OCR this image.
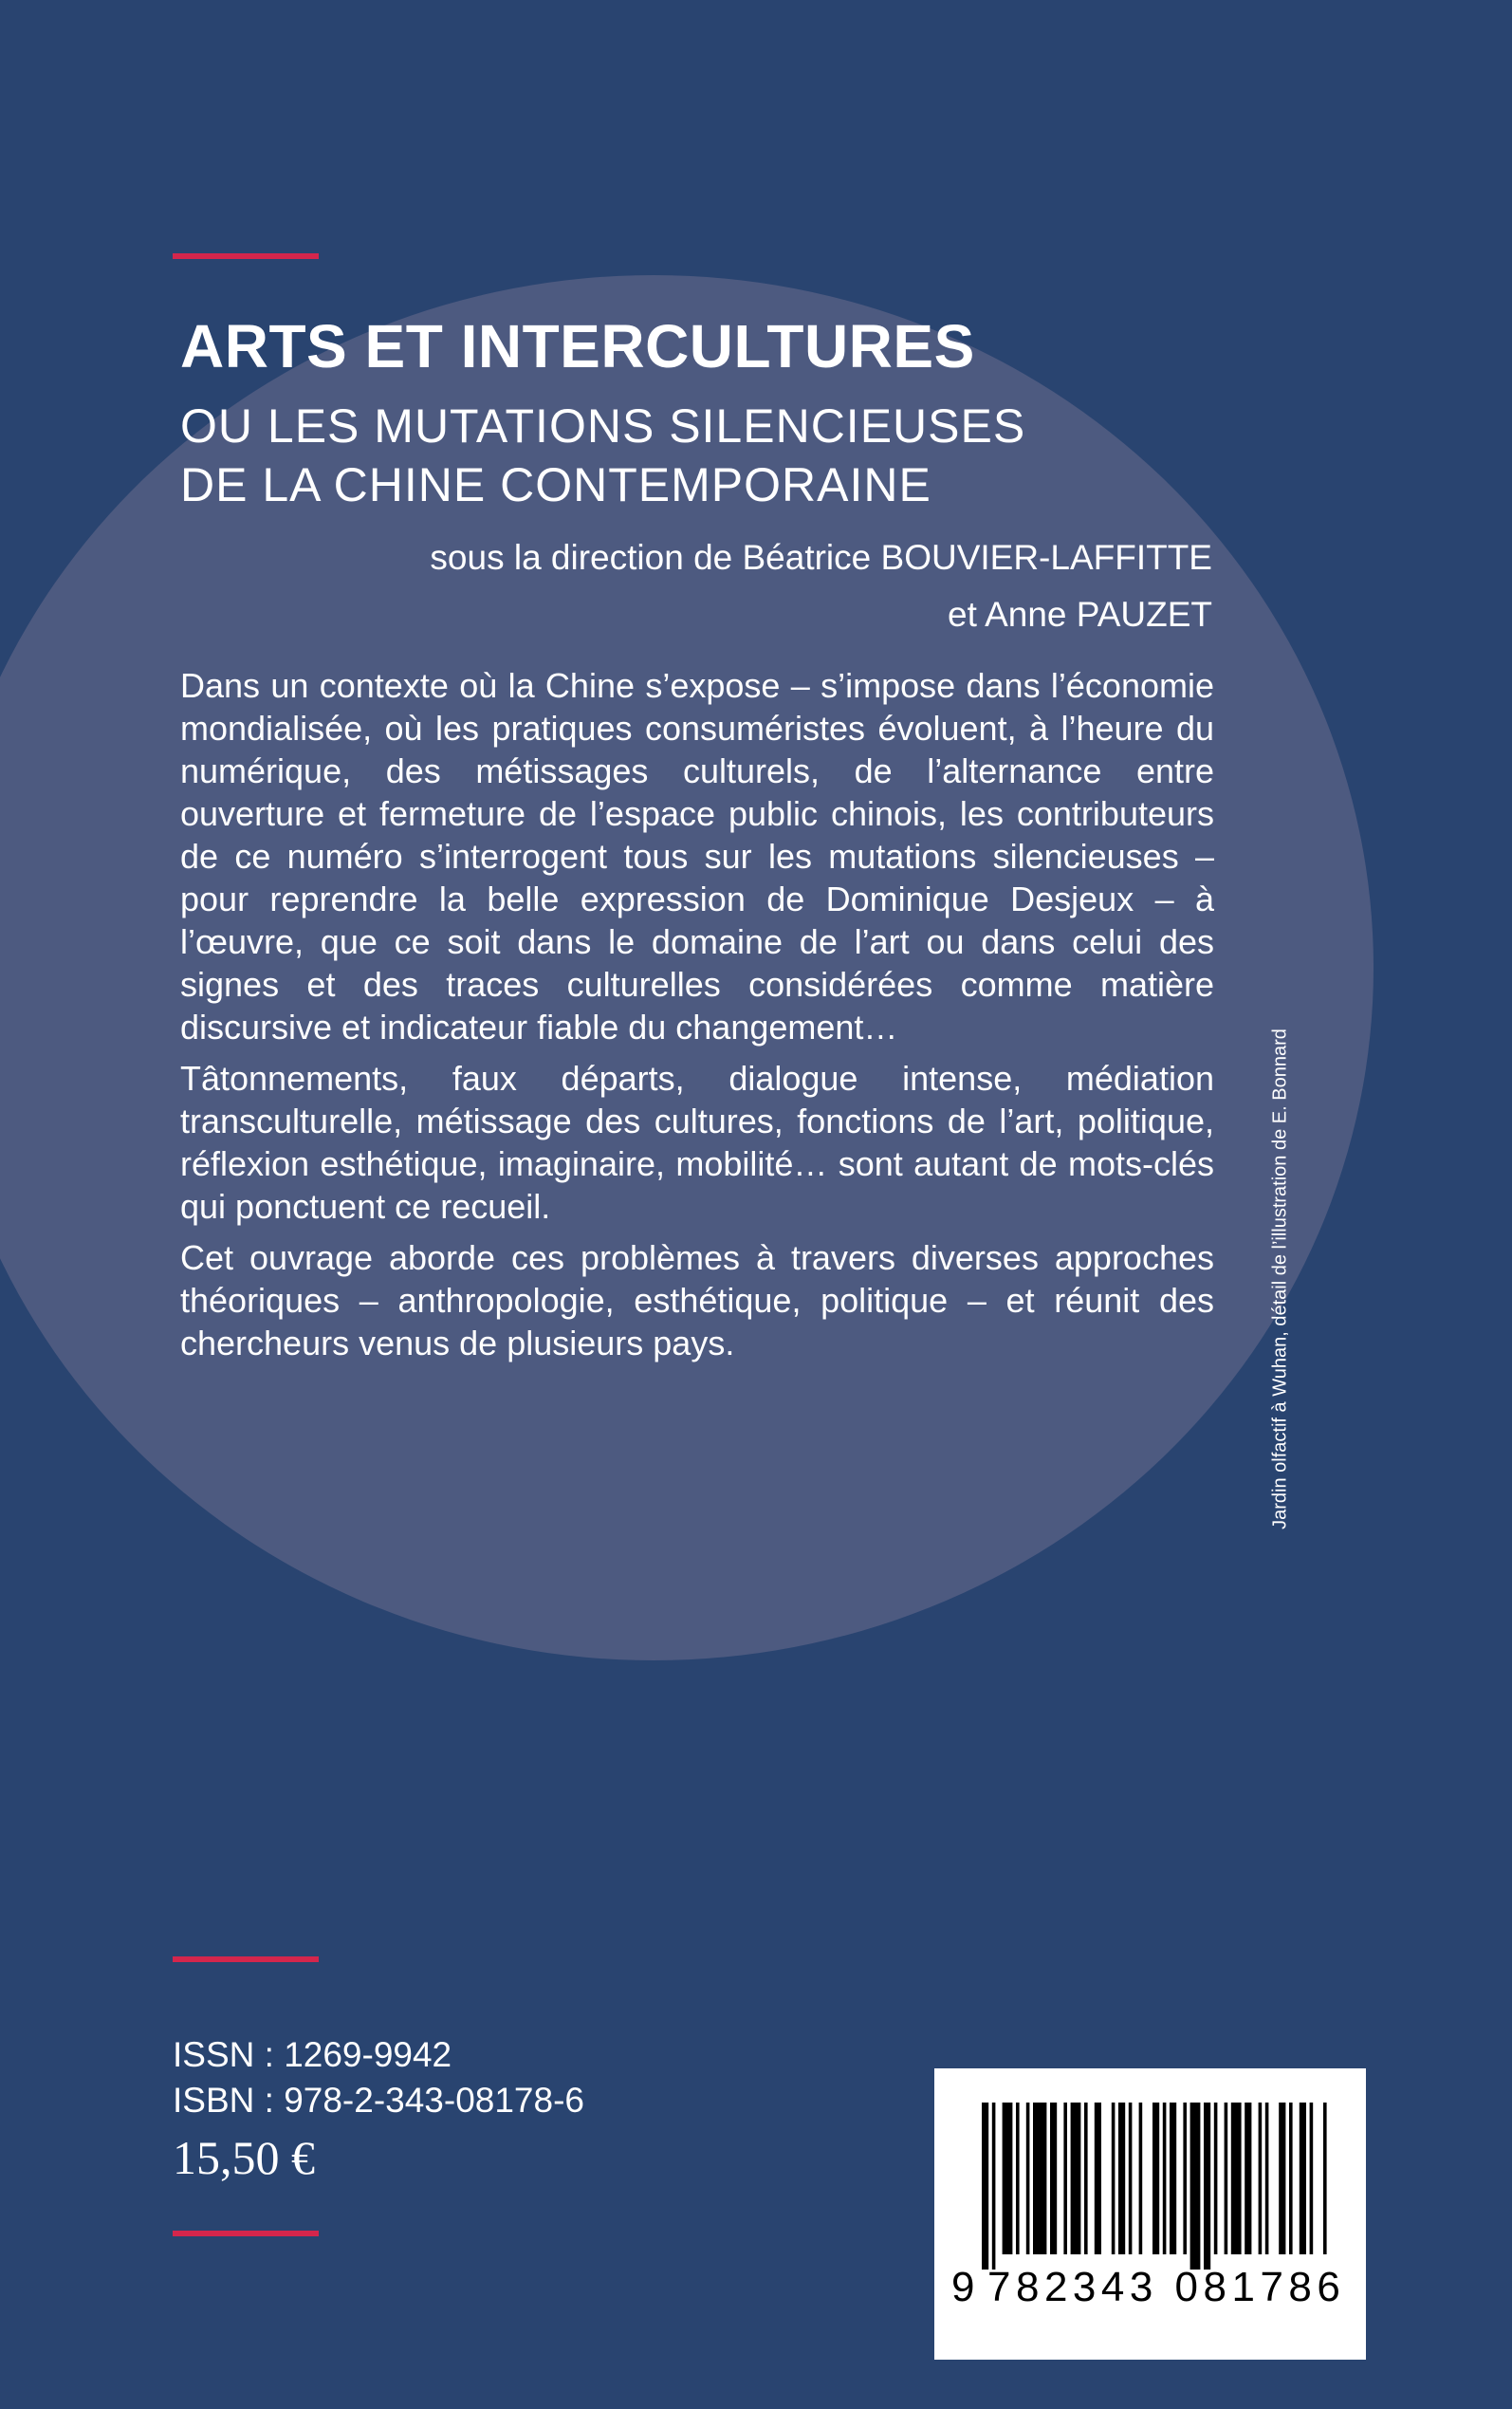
ARTS ET INTERCULTURES
OU LES MUTATIONS SILENCIEUSES
DE LA CHINE CONTEMPORAINE
sous la direction de Béatrice BOUVIER-LAFFITTE
et Anne PAUZET

Dans un contexte où la Chine s’expose – s’impose dans l’économie mondialisée, où les pratiques consuméristes évoluent, à l’heure du numérique, des métissages culturels, de l’alternance entre ouverture et fermeture de l’espace public chinois, les contributeurs de ce numéro s’interrogent tous sur les mutations silencieuses – pour reprendre la belle expression de Dominique Desjeux – à l’œuvre, que ce soit dans le domaine de l’art ou dans celui des signes et des traces culturelles considérées comme matière discursive et indicateur fiable du changement…

Tâtonnements, faux départs, dialogue intense, médiation transculturelle, métissage des cultures, fonctions de l’art, politique, réflexion esthétique, imaginaire, mobilité… sont autant de mots-clés qui ponctuent ce recueil.

Cet ouvrage aborde ces problèmes à travers diverses approches théoriques – anthropologie, esthétique, politique – et réunit des chercheurs venus de plusieurs pays.	Jardin olfactif à Wuhan, détail de l’illustration de E. Bonnard
ISSN : 1269-9942
ISBN : 978-2-343-08178-6
15,50 €
9 782343 081786
